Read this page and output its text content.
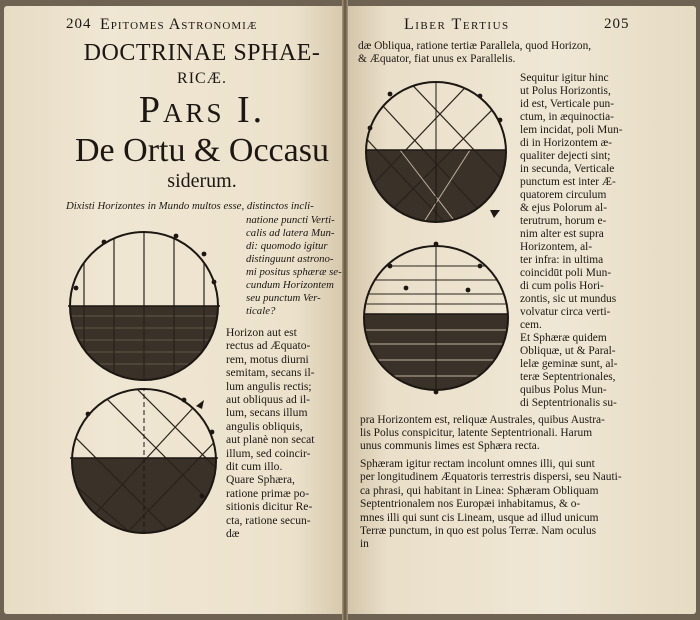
204 Epitomes Astronomiæ
DOCTRINAE SPHAE-
RICÆ.
Pars I.
De Ortu & Occasu
siderum.
Dixisti Horizontes in Mundo multos esse, distinctos incli-
natione puncti Verti-
calis ad latera Mun-
di: quomodo igitur
distinguunt astrono-
mi positus sphæræ se-
cundum Horizontem
seu punctum Ver-
ticale?
Horizon aut est
rectus ad Æquato-
rem, motus diurni
semitam, secans il-
lum angulis rectis;
aut obliquus ad il-
lum, secans illum
angulis obliquis,
aut planè non secat
illum, sed coincir-
dit cum illo.
Quare Sphæra,
ratione primæ po-
sitionis dicitur Re-
cta, ratione secun-
dæ
Liber Tertius	205
dæ Obliqua, ratione tertiæ Parallela, quod Horizon,
& Æquator, fiat unus ex Parallelis.
Sequitur igitur hinc
ut Polus Horizontis,
id est, Verticale pun-
ctum, in æquinoctia-
lem incidat, poli Mun-
di in Horizontem æ-
qualiter dejecti sint;
in secunda, Verticale
punctum est inter Æ-
quatorem circulum
& ejus Polorum al-
terutrum, horum e-
nim alter est supra
Horizontem, al-
ter infra: in ultima
coincidūt poli Mun-
di cum polis Hori-
zontis, sic ut mundus
volvatur circa verti-
cem.
Et Sphæræ quidem
Obliquæ, ut & Paral-
lelæ geminæ sunt, al-
teræ Septentrionales,
quibus Polus Mun-
di Septentrionalis su-
pra Horizontem est, reliquæ Australes, quibus Austra-
lis Polus conspicitur, latente Septentrionali. Harum
unus communis limes est Sphæra recta.
Sphæram igitur rectam incolunt omnes illi, qui sunt
per longitudinem Æquatoris terrestris dispersi, seu Nauti-
ca phrasi, qui habitant in Linea: Sphæram Obliquam
Septentrionalem nos Europæi inhabitamus, & o-
mnes illi qui sunt cis Lineam, usque ad illud unicum
Terræ punctum, in quo est polus Terræ. Nam oculus
in
